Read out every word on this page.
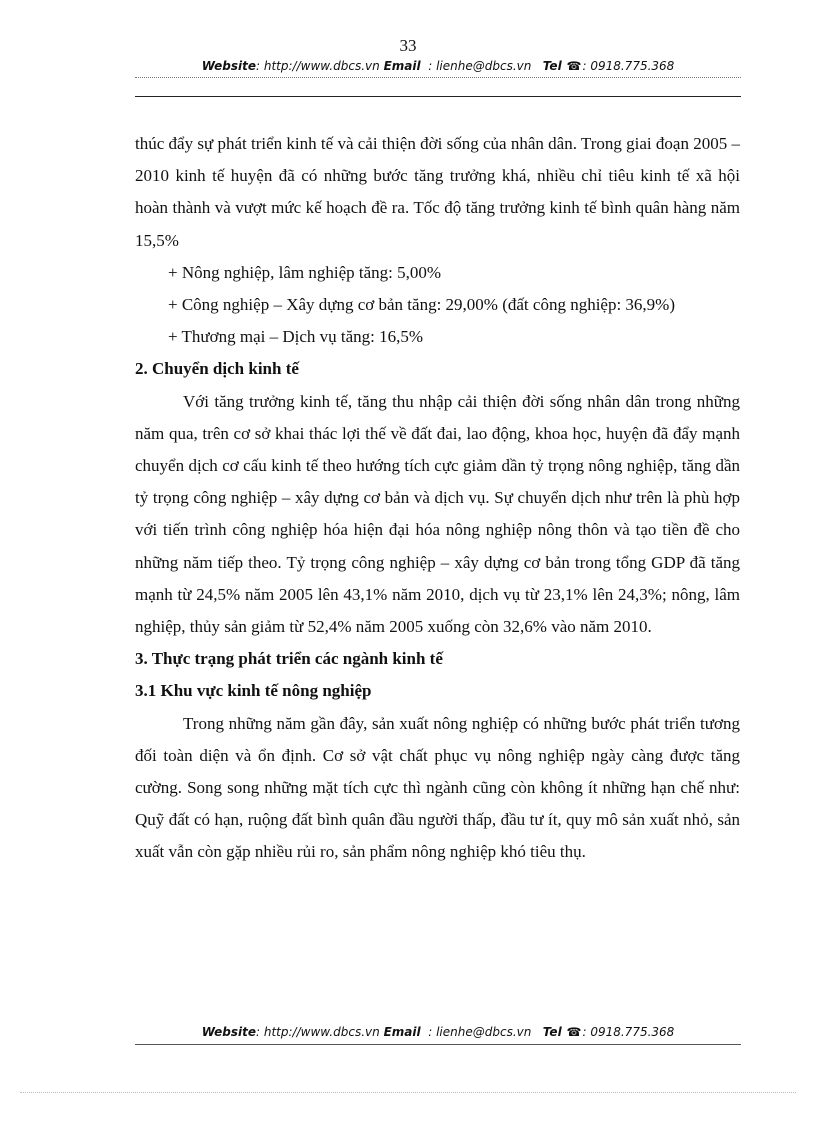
33
Website: http://www.dbcs.vn Email : lienhe@dbcs.vn Tel ☎: 0918.775.368

thúc đẩy sự phát triển kinh tế và cải thiện đời sống của nhân dân. Trong giai đoạn 2005 – 2010 kinh tế huyện đã có những bước tăng trưởng khá, nhiều chỉ tiêu kinh tế xã hội hoàn thành và vượt mức kế hoạch đề ra. Tốc độ tăng trưởng kinh tế bình quân hàng năm 15,5%

+ Nông nghiệp, lâm nghiệp tăng: 5,00%

+ Công nghiệp – Xây dựng cơ bản tăng: 29,00% (đất công nghiệp: 36,9%)

+ Thương mại – Dịch vụ tăng: 16,5%

2. Chuyển dịch kinh tế

Với tăng trưởng kinh tế, tăng thu nhập cải thiện đời sống nhân dân trong những năm qua, trên cơ sở khai thác lợi thế về đất đai, lao động, khoa học, huyện đã đẩy mạnh chuyển dịch cơ cấu kinh tế theo hướng tích cực giảm dần tỷ trọng nông nghiệp, tăng dần tỷ trọng công nghiệp – xây dựng cơ bản và dịch vụ. Sự chuyển dịch như trên là phù hợp với tiến trình công nghiệp hóa hiện đại hóa nông nghiệp nông thôn và tạo tiền đề cho những năm tiếp theo. Tỷ trọng công nghiệp – xây dựng cơ bản trong tổng GDP đã tăng mạnh từ 24,5% năm 2005 lên 43,1% năm 2010, dịch vụ từ 23,1% lên 24,3%; nông, lâm nghiệp, thủy sản giảm từ 52,4% năm 2005 xuống còn 32,6% vào năm 2010.

3. Thực trạng phát triển các ngành kinh tế

3.1 Khu vực kinh tế nông nghiệp

Trong những năm gần đây, sản xuất nông nghiệp có những bước phát triển tương đối toàn diện và ổn định. Cơ sở vật chất phục vụ nông nghiệp ngày càng được tăng cường. Song song những mặt tích cực thì ngành cũng còn không ít những hạn chế như: Quỹ đất có hạn, ruộng đất bình quân đầu người thấp, đầu tư ít, quy mô sản xuất nhỏ, sản xuất vẫn còn gặp nhiều rủi ro, sản phẩm nông nghiệp khó tiêu thụ.

Website: http://www.dbcs.vn Email : lienhe@dbcs.vn Tel ☎: 0918.775.368
